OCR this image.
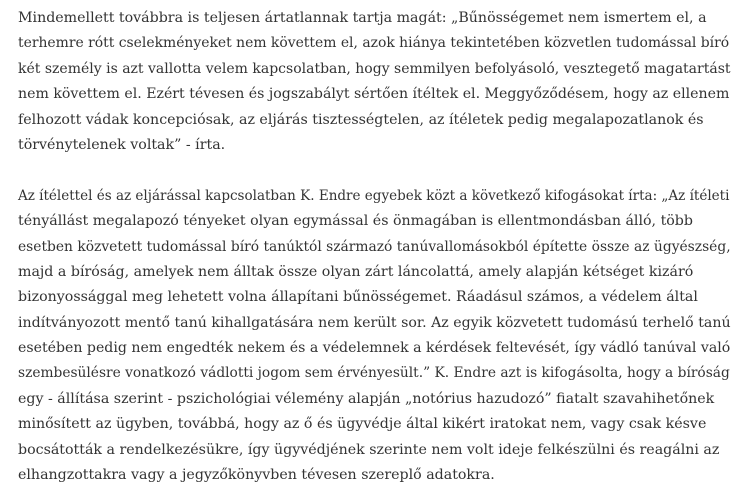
Mindemellett továbbra is teljesen ártatlannak tartja magát: „Bűnösségemet nem ismertem el, a
terhemre rótt cselekményeket nem követtem el, azok hiánya tekintetében közvetlen tudomással bíró
két személy is azt vallotta velem kapcsolatban, hogy semmilyen befolyásoló, vesztegető magatartást
nem követtem el. Ezért tévesen és jogszabályt sértően ítéltek el. Meggyőződésem, hogy az ellenem
felhozott vádak koncepciósak, az eljárás tisztességtelen, az ítéletek pedig megalapozatlanok és
törvénytelenek voltak” - írta.

Az ítélettel és az eljárással kapcsolatban K. Endre egyebek közt a következő kifogásokat írta: „Az ítéleti
tényállást megalapozó tényeket olyan egymással és önmagában is ellentmondásban álló, több
esetben közvetett tudomással bíró tanúktól származó tanúvallomásokból építette össze az ügyészség,
majd a bíróság, amelyek nem álltak össze olyan zárt láncolattá, amely alapján kétséget kizáró
bizonyossággal meg lehetett volna állapítani bűnösségemet. Ráadásul számos, a védelem által
indítványozott mentő tanú kihallgatására nem került sor. Az egyik közvetett tudomású terhelő tanú
esetében pedig nem engedték nekem és a védelemnek a kérdések feltevését, így vádló tanúval való
szembesülésre vonatkozó vádlotti jogom sem érvényesült.” K. Endre azt is kifogásolta, hogy a bíróság
egy - állítása szerint - pszichológiai vélemény alapján „notórius hazudozó” fiatalt szavahihetőnek
minősített az ügyben, továbbá, hogy az ő és ügyvédje által kikért iratokat nem, vagy csak késve
bocsátották a rendelkezésükre, így ügyvédjének szerinte nem volt ideje felkészülni és reagálni az
elhangzottakra vagy a jegyzőkönyvben tévesen szereplő adatokra.
